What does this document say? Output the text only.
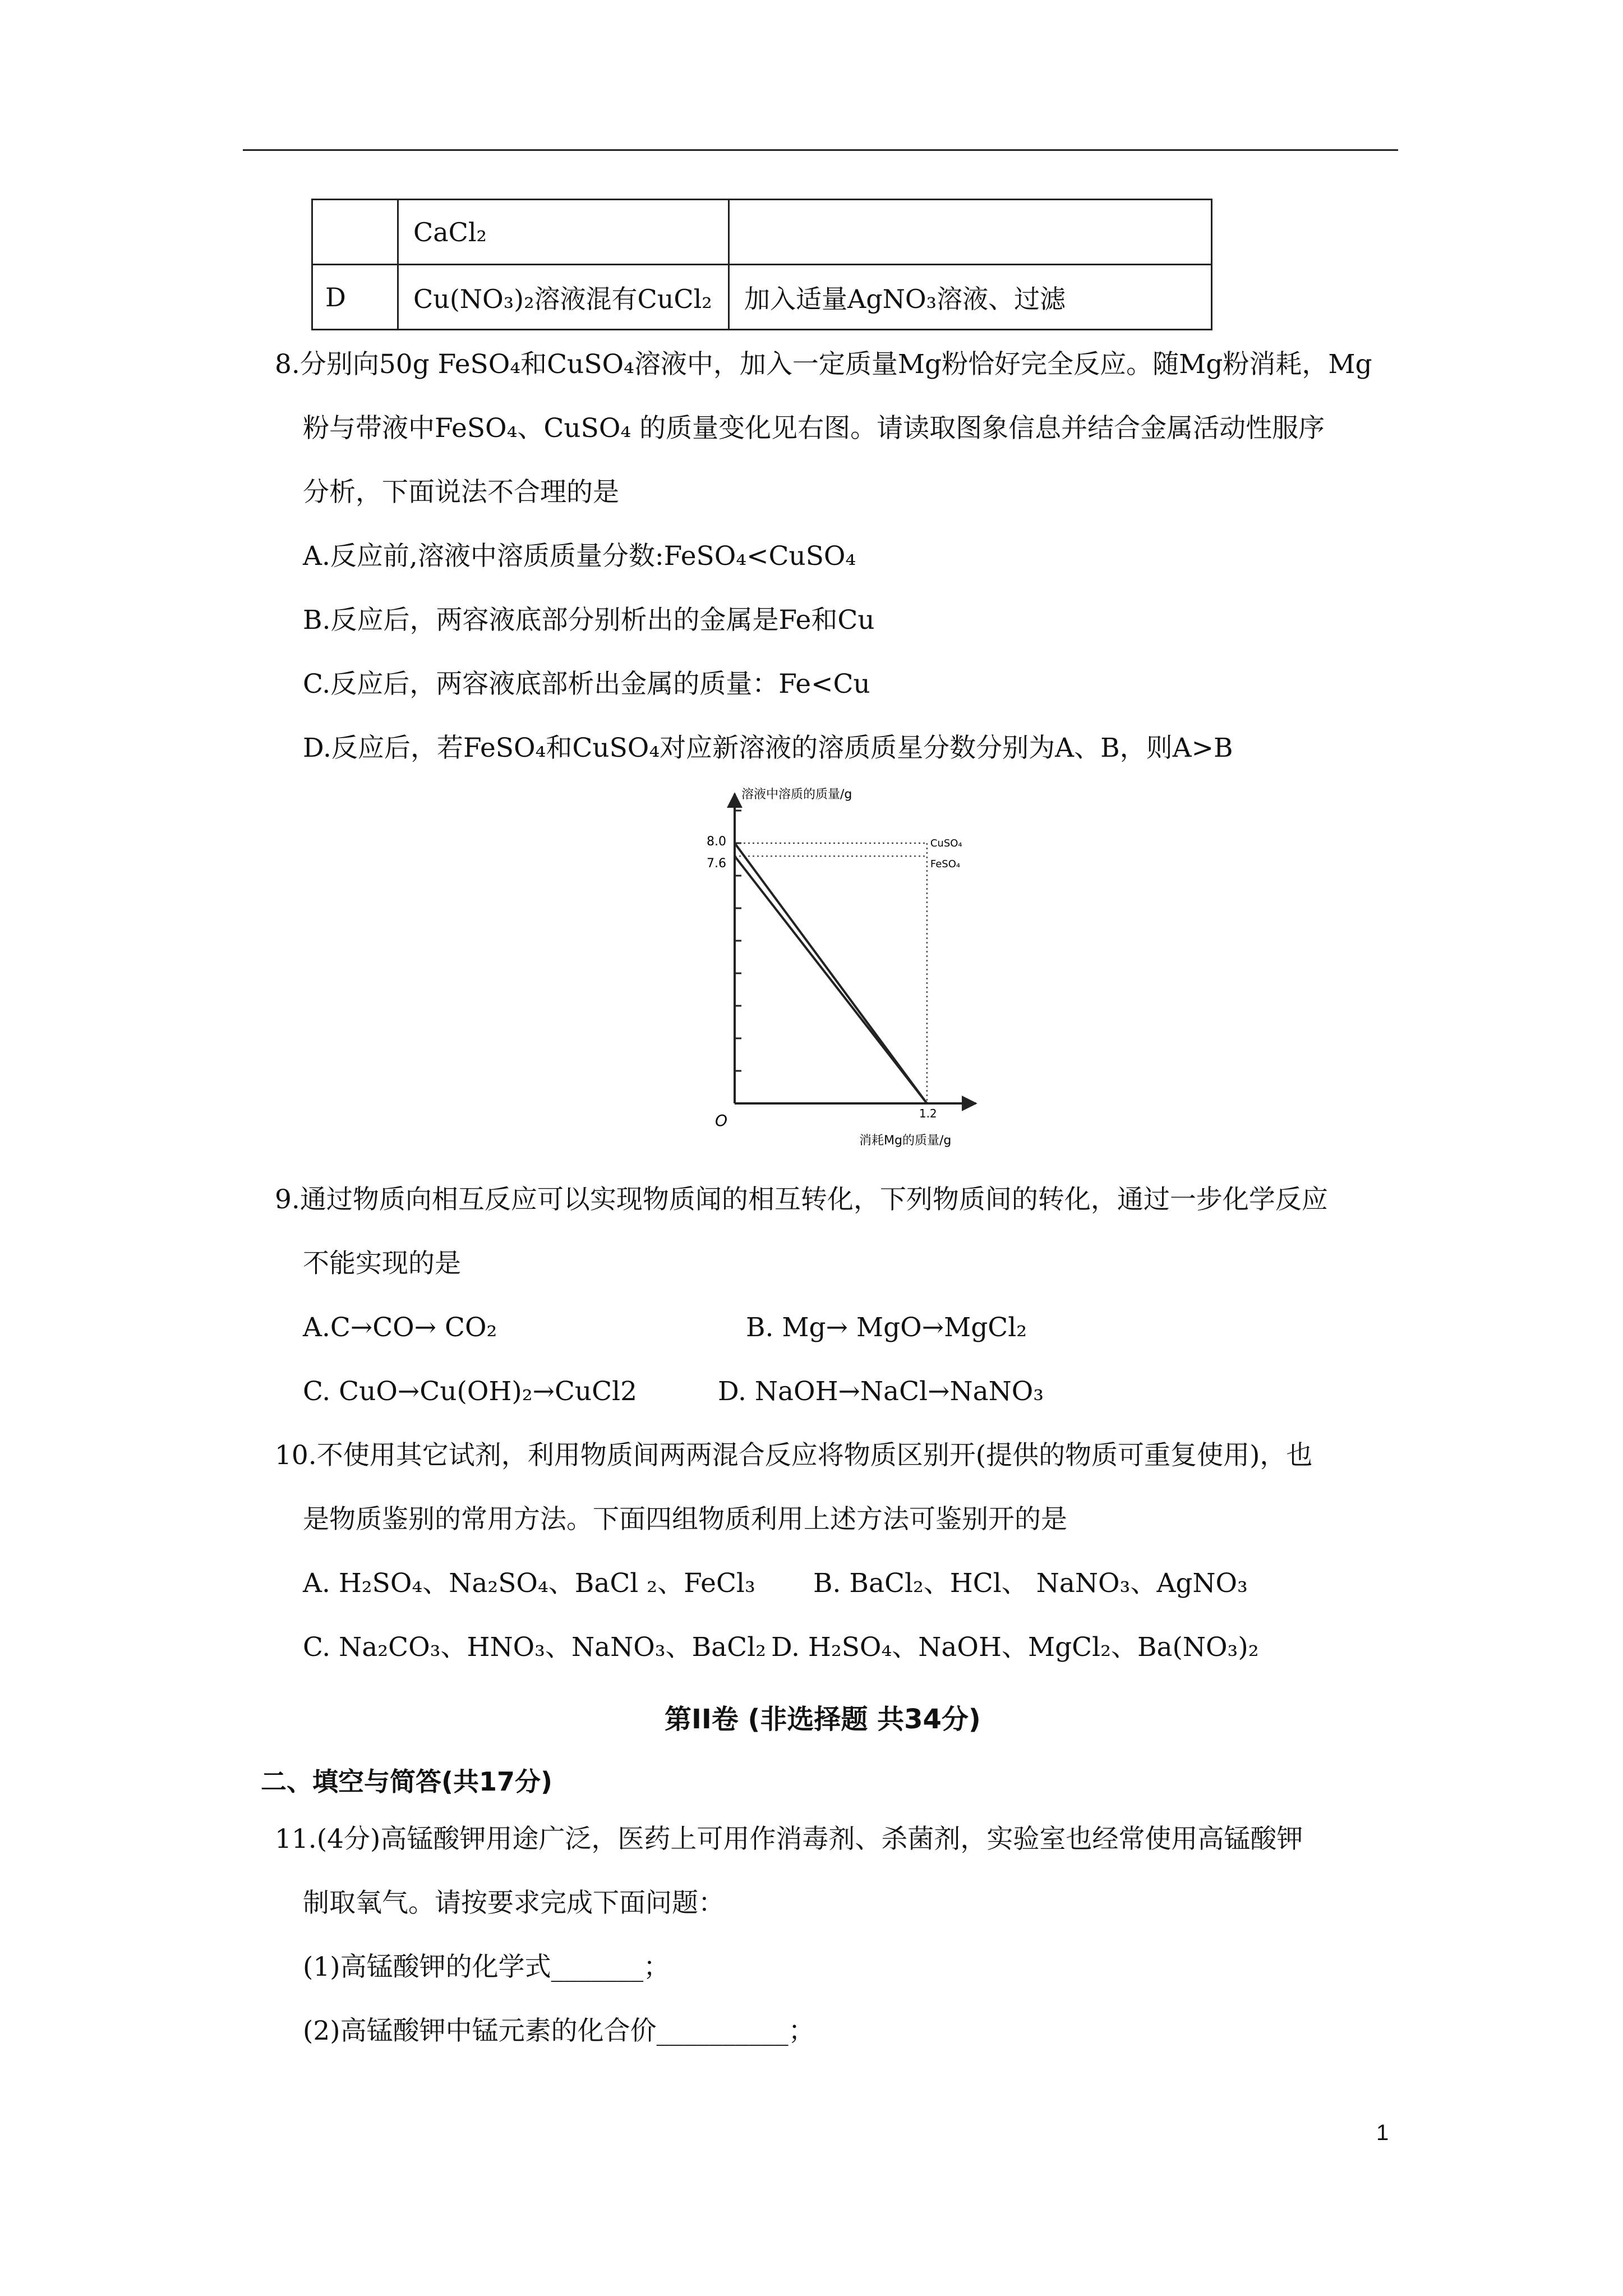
	CaCl₂	
D	Cu(NO₃)₂溶液混有CuCl₂	加入适量AgNO₃溶液、过滤
8.分别向50g FeSO₄和CuSO₄溶液中，加入一定质量Mg粉恰好完全反应。随Mg粉消耗，Mg
粉与带液中FeSO₄、CuSO₄ 的质量变化见右图。请读取图象信息并结合金属活动性服序
分析，下面说法不合理的是
A.反应前,溶液中溶质质量分数:FeSO₄<CuSO₄
B.反应后，两容液底部分别析出的金属是Fe和Cu
C.反应后，两容液底部析出金属的质量：Fe<Cu
D.反应后，若FeSO₄和CuSO₄对应新溶液的溶质质星分数分别为A、B，则A>B
溶液中溶质的质量/g
消耗Mg的质量/g
O
8.0
7.6
1.2
CuSO₄
FeSO₄
9.通过物质向相互反应可以实现物质闻的相互转化，下列物质间的转化，通过一步化学反应
不能实现的是
A.C→CO→ CO₂	B. Mg→ MgO→MgCl₂
C. CuO→Cu(OH)₂→CuCl2	D. NaOH→NaCl→NaNO₃
10.不使用其它试剂，利用物质间两两混合反应将物质区别开(提供的物质可重复使用)，也
是物质鉴别的常用方法。下面四组物质利用上述方法可鉴别开的是
A. H₂SO₄、Na₂SO₄、BaCl ₂、FeCl₃ B. BaCl₂、HCl、 NaNO₃、AgNO₃
C. Na₂CO₃、HNO₃、NaNO₃、BaCl₂ D. H₂SO₄、NaOH、MgCl₂、Ba(NO₃)₂
第II卷 (非选择题 共34分)
二、填空与简答(共17分)
11.(4分)高锰酸钾用途广泛，医药上可用作消毒剂、杀菌剂，实验室也经常使用高锰酸钾
制取氧气。请按要求完成下面问题：
(1)高锰酸钾的化学式_______；
(2)高锰酸钾中锰元素的化合价__________；
1
